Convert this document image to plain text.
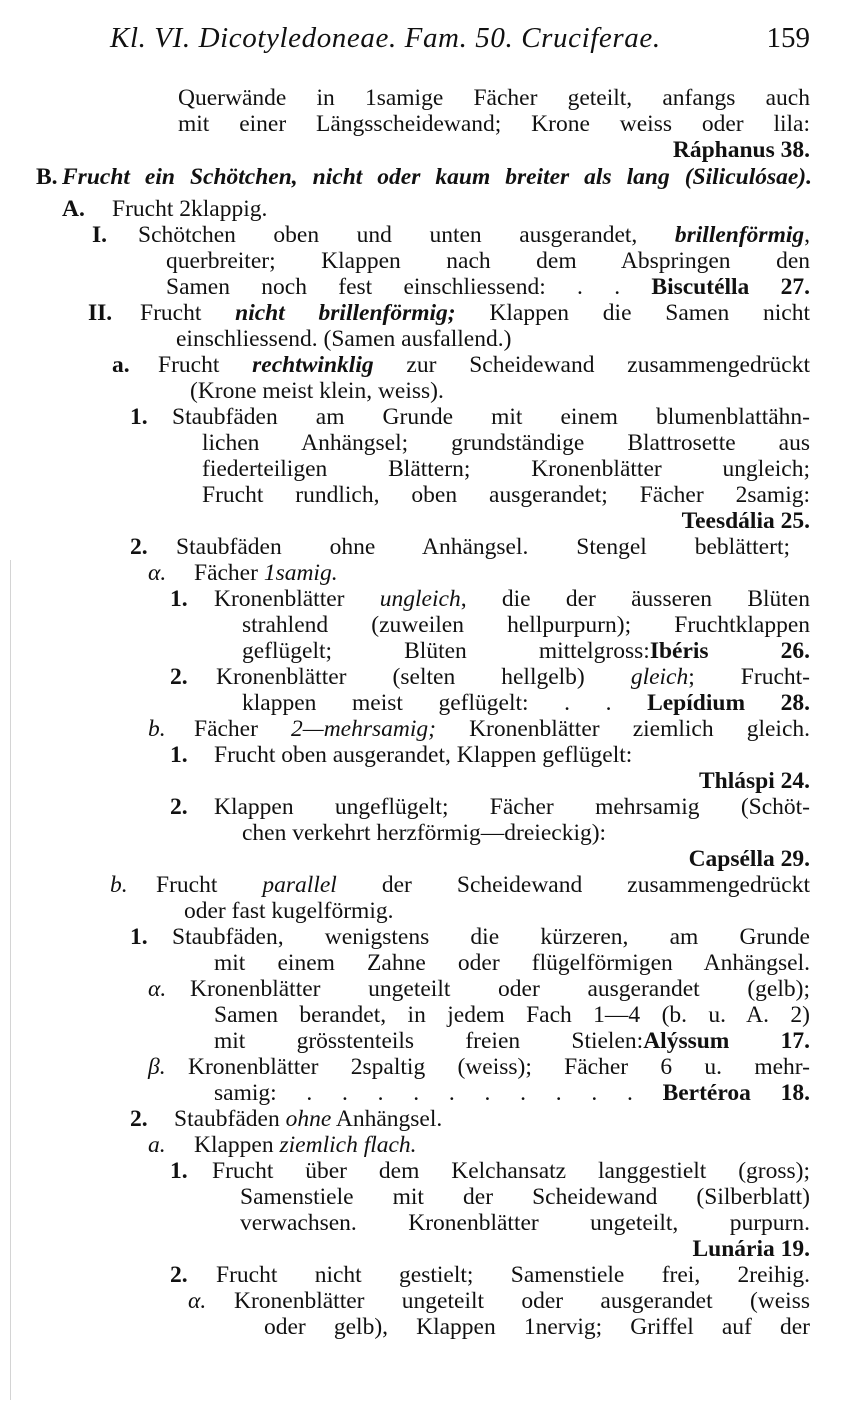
Kl. VI. Dicotyledoneae. Fam. 50. Cruciferae.	159
Querwände in 1samige Fächer geteilt, anfangs auch
mit einer Längsscheidewand; Krone weiss oder lila:
Ráphanus 38.
B. Frucht ein Schötchen, nicht oder kaum breiter als lang (Siliculósae).
A. Frucht 2klappig.
I. Schötchen oben und unten ausgerandet, brillenförmig,
querbreiter; Klappen nach dem Abspringen den
Samen noch fest einschliessend: . . Biscutélla 27.
II. Frucht nicht brillenförmig; Klappen die Samen nicht
einschliessend. (Samen ausfallend.)
a. Frucht rechtwinklig zur Scheidewand zusammengedrückt
(Krone meist klein, weiss).
1. Staubfäden am Grunde mit einem blumenblattähn-
lichen Anhängsel; grundständige Blattrosette aus
fiederteiligen Blättern; Kronenblätter ungleich;
Frucht rundlich, oben ausgerandet; Fächer 2samig:
Teesdália 25.
2. Staubfäden ohne Anhängsel. Stengel beblättert;
α. Fächer 1samig.
1. Kronenblätter ungleich, die der äusseren Blüten
strahlend (zuweilen hellpurpurn); Fruchtklappen
geflügelt; Blüten mittelgross:Ibéris 26.
2. Kronenblätter (selten hellgelb) gleich; Frucht-
klappen meist geflügelt: . . Lepídium 28.
b. Fächer 2—mehrsamig; Kronenblätter ziemlich gleich.
1. Frucht oben ausgerandet, Klappen geflügelt:
Thláspi 24.
2. Klappen ungeflügelt; Fächer mehrsamig (Schöt-
chen verkehrt herzförmig—dreieckig):
Capsélla 29.
b. Frucht parallel der Scheidewand zusammengedrückt
oder fast kugelförmig.
1. Staubfäden, wenigstens die kürzeren, am Grunde
mit einem Zahne oder flügelförmigen Anhängsel.
α. Kronenblätter ungeteilt oder ausgerandet (gelb);
Samen berandet, in jedem Fach 1—4 (b. u. A. 2)
mit grösstenteils freien Stielen:Alýssum 17.
β. Kronenblätter 2spaltig (weiss); Fächer 6 u. mehr-
samig: . . . . . . . . . . Bertéroa 18.
2. Staubfäden ohne Anhängsel.
a. Klappen ziemlich flach.
1. Frucht über dem Kelchansatz langgestielt (gross);
Samenstiele mit der Scheidewand (Silberblatt)
verwachsen. Kronenblätter ungeteilt, purpurn.
Lunária 19.
2. Frucht nicht gestielt; Samenstiele frei, 2reihig.
α. Kronenblätter ungeteilt oder ausgerandet (weiss
oder gelb), Klappen 1nervig; Griffel auf der
